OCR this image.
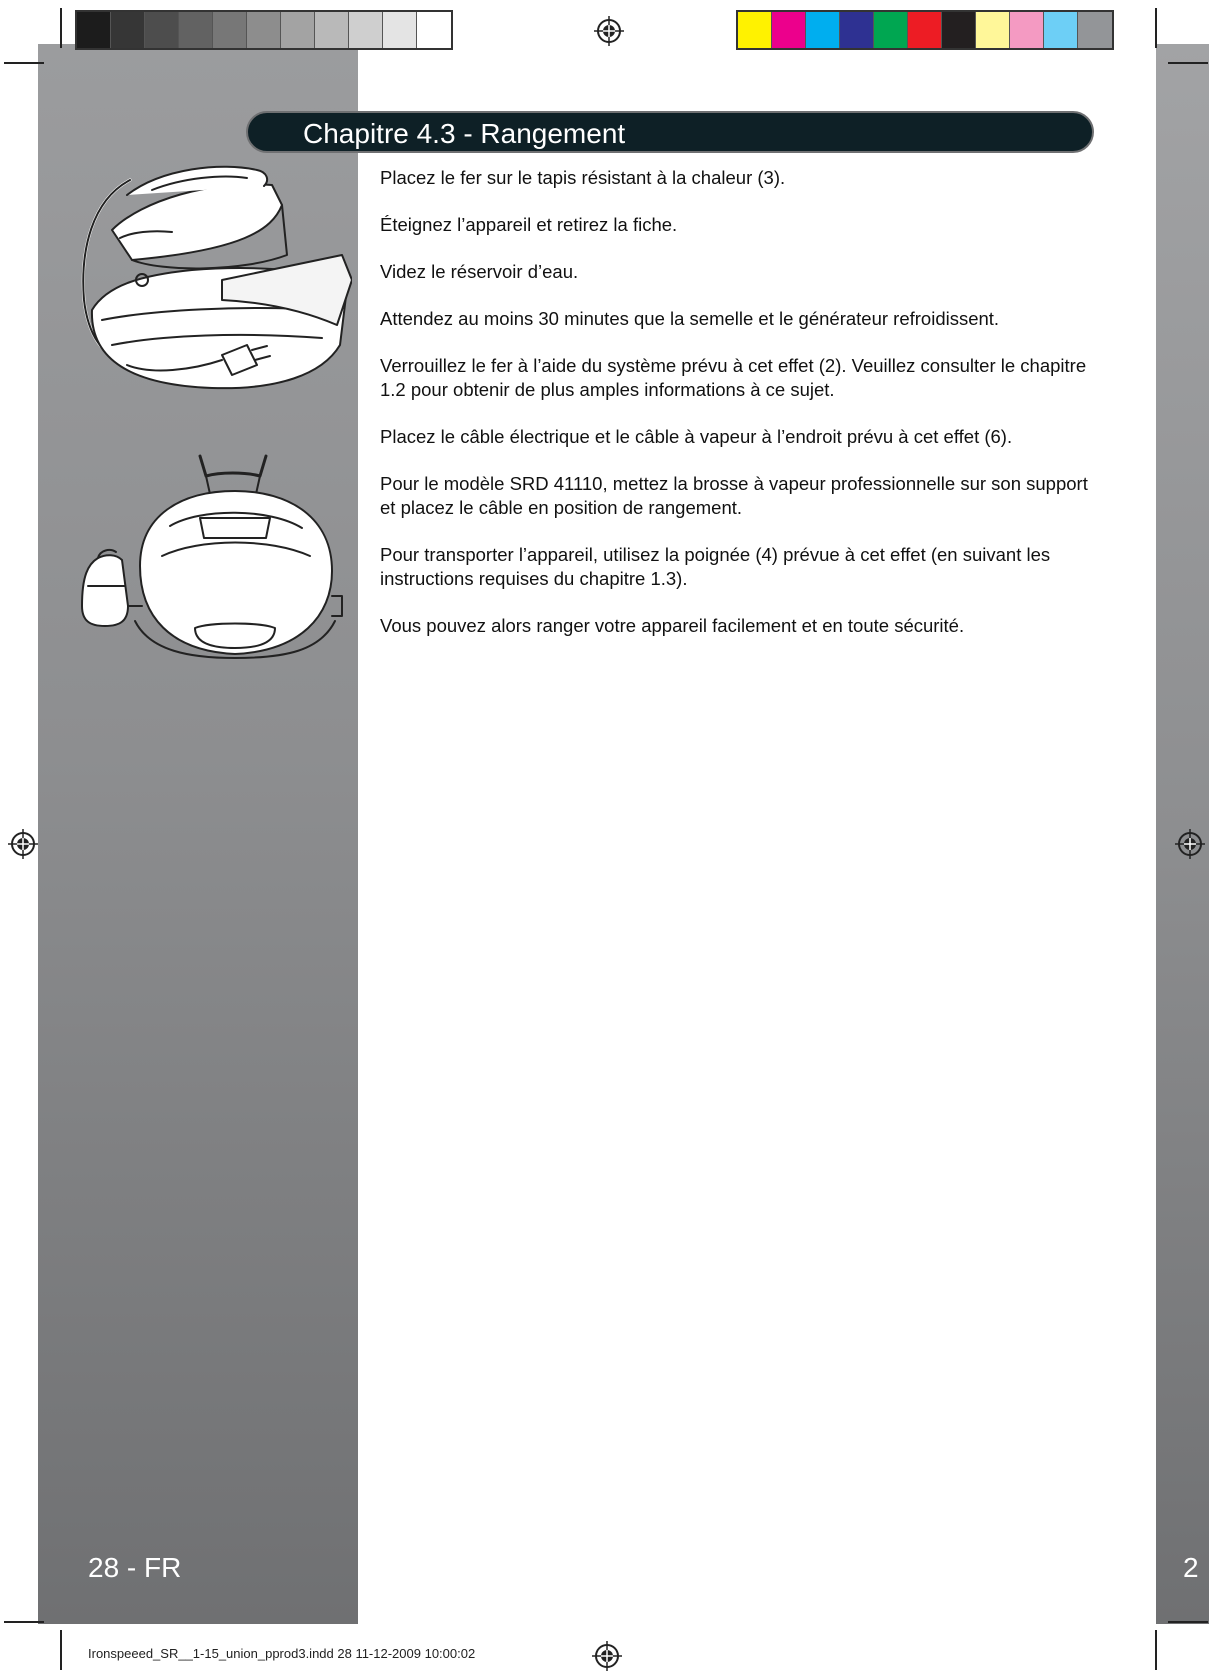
Chapitre 4.3 - Rangement

Placez le fer sur le tapis résistant à la chaleur (3).

Éteignez l’appareil et retirez la fiche.

Videz le réservoir d’eau.

Attendez au moins 30 minutes que la semelle et le générateur refroidissent.

Verrouillez le fer à l’aide du système prévu à cet effet (2). Veuillez consulter le chapitre 1.2 pour obtenir de plus amples informations à ce sujet.

Placez le câble électrique et le câble à vapeur à l’endroit prévu à cet effet (6).

Pour le modèle SRD 41110, mettez la brosse à vapeur professionnelle sur son support et placez le câble en position de rangement.

Pour transporter l’appareil, utilisez la poignée (4) prévue à cet effet (en suivant les instructions requises du chapitre 1.3).

Vous pouvez alors ranger votre appareil facilement et en toute sécurité.

28 - FR	2
Ironspeeed_SR__1-15_union_pprod3.indd 28 11-12-2009 10:00:02
